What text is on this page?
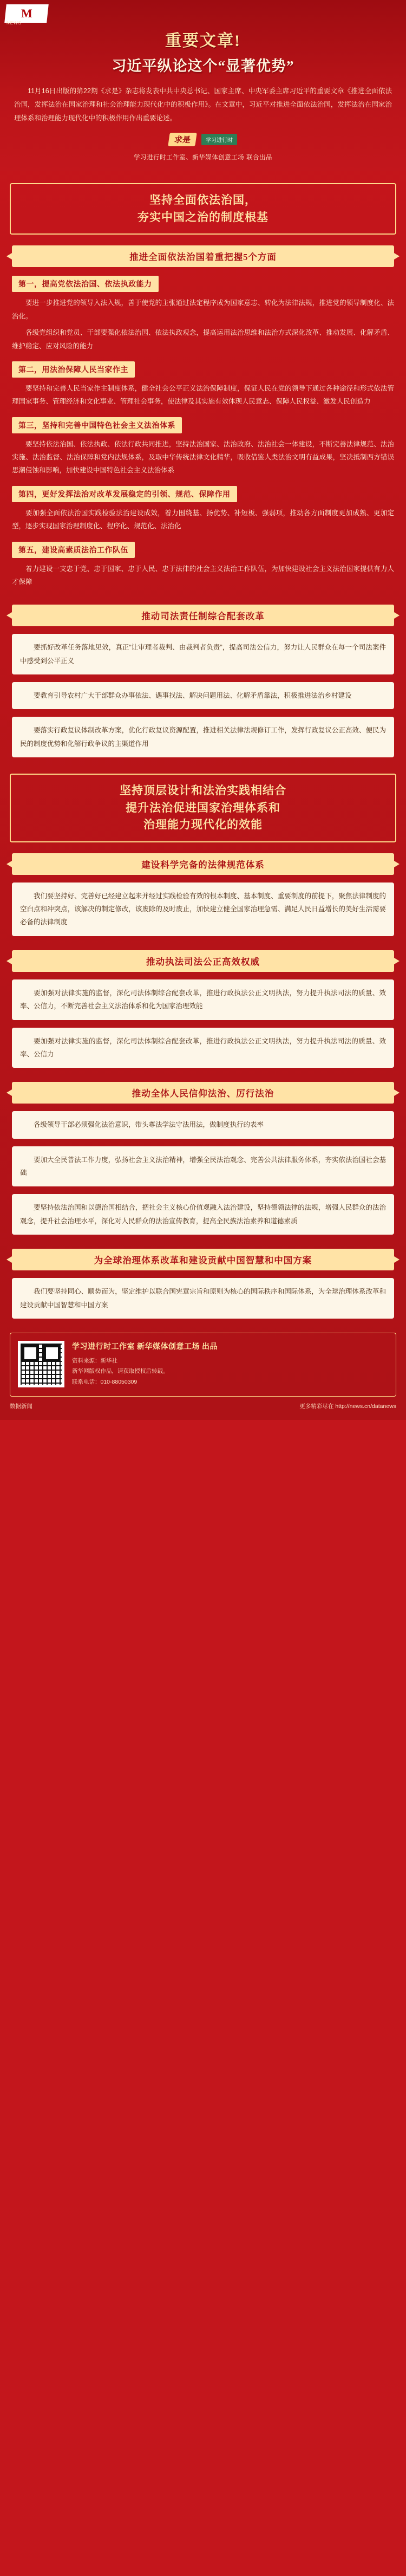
M
NEWS
重要文章!
习近平纵论这个“显著优势”
11月16日出版的第22期《求是》杂志将发表中共中央总书记、国家主席、中央军委主席习近平的重要文章《推进全面依法治国，发挥法治在国家治理和社会治理能力现代化中的积极作用》。在文章中，习近平对推进全面依法治国，发挥法治在国家治理体系和治理能力现代化中的积极作用作出重要论述。
求是	学习进行时
学习进行时工作室、新华媒体创意工场 联合出品
坚持全面依法治国，
夯实中国之治的制度根基
推进全面依法治国着重把握5个方面
第一，提高党依法治国、依法执政能力

要进一步推进党的领导入法入规，善于使党的主张通过法定程序成为国家意志、转化为法律法规，推进党的领导制度化、法治化。

各级党组织和党员、干部要强化依法治国、依法执政观念，提高运用法治思维和法治方式深化改革、推动发展、化解矛盾、维护稳定、应对风险的能力

第二，用法治保障人民当家作主

要坚持和完善人民当家作主制度体系，健全社会公平正义法治保障制度，保证人民在党的领导下通过各种途径和形式依法管理国家事务、管理经济和文化事业、管理社会事务，使法律及其实施有效体现人民意志、保障人民权益、激发人民创造力

第三，坚持和完善中国特色社会主义法治体系

要坚持依法治国、依法执政、依法行政共同推进，坚持法治国家、法治政府、法治社会一体建设，不断完善法律规范、法治实施、法治监督、法治保障和党内法规体系，及取中华传统法律文化精华，吸收借鉴人类法治文明有益成果，坚决抵制西方错误思潮侵蚀和影响，加快建设中国特色社会主义法治体系

第四，更好发挥法治对改革发展稳定的引领、规范、保障作用

要加强全面依法治国实践检验法治建设成效，着力围绕基、扬优势、补短板、强弱项，推动各方面制度更加成熟、更加定型，逐步实现国家治理制度化、程序化、规范化、法治化

第五，建设高素质法治工作队伍

着力建设一支忠于党、忠于国家、忠于人民、忠于法律的社会主义法治工作队伍，为加快建设社会主义法治国家提供有力人才保障

推动司法责任制综合配套改革

要抓好改革任务落地见效，真正“让审理者裁判、由裁判者负责”，提高司法公信力，努力让人民群众在每一个司法案件中感受到公平正义

要教育引导农村广大干部群众办事依法、遇事找法、解决问题用法、化解矛盾靠法，积极推进法治乡村建设

要落实行政复议体制改革方案，优化行政复议资源配置，推进相关法律法规修订工作，发挥行政复议公正高效、便民为民的制度优势和化解行政争议的主渠道作用

坚持顶层设计和法治实践相结合
提升法治促进国家治理体系和
治理能力现代化的效能
建设科学完备的法律规范体系

我们要坚持好、完善好已经建立起来并经过实践检验有效的根本制度、基本制度、重要制度的前提下，聚焦法律制度的空白点和冲突点，该解决的制定修改，该废除的及时废止，加快建立健全国家治理急需、满足人民日益增长的美好生活需要必备的法律制度

推动执法司法公正高效权威

要加强对法律实施的监督，深化司法体制综合配套改革，推进行政执法公正文明执法，努力提升执法司法的质量、效率、公信力，不断完善社会主义法治体系和化为国家治理效能

要加强对法律实施的监督，深化司法体制综合配套改革，推进行政执法公正文明执法，努力提升执法司法的质量、效率、公信力

推动全体人民信仰法治、厉行法治

各级领导干部必须强化法治意识，带头尊法学法守法用法，做制度执行的表率

要加大全民普法工作力度，弘扬社会主义法治精神，增强全民法治观念、完善公共法律服务体系，夯实依法治国社会基础

要坚持依法治国和以德治国相结合，把社会主义核心价值观融入法治建设，坚持德领法律的法规，增强人民群众的法治观念，提升社会治理水平，深化对人民群众的法治宣传教育，提高全民族法治素养和道德素质

为全球治理体系改革和建设贡献中国智慧和中国方案

我们要坚持同心、顺势而为，坚定维护以联合国宪章宗旨和原则为核心的国际秩序和国际体系，为全球治理体系改革和建设贡献中国智慧和中国方案

学习进行时工作室 新华媒体创意工场 出品
资料来源：新华社
新华网版权作品，请获取授权后转载。
联系电话：010-88050309
数据新闻	更多精彩尽在 http://news.cn/datanews
